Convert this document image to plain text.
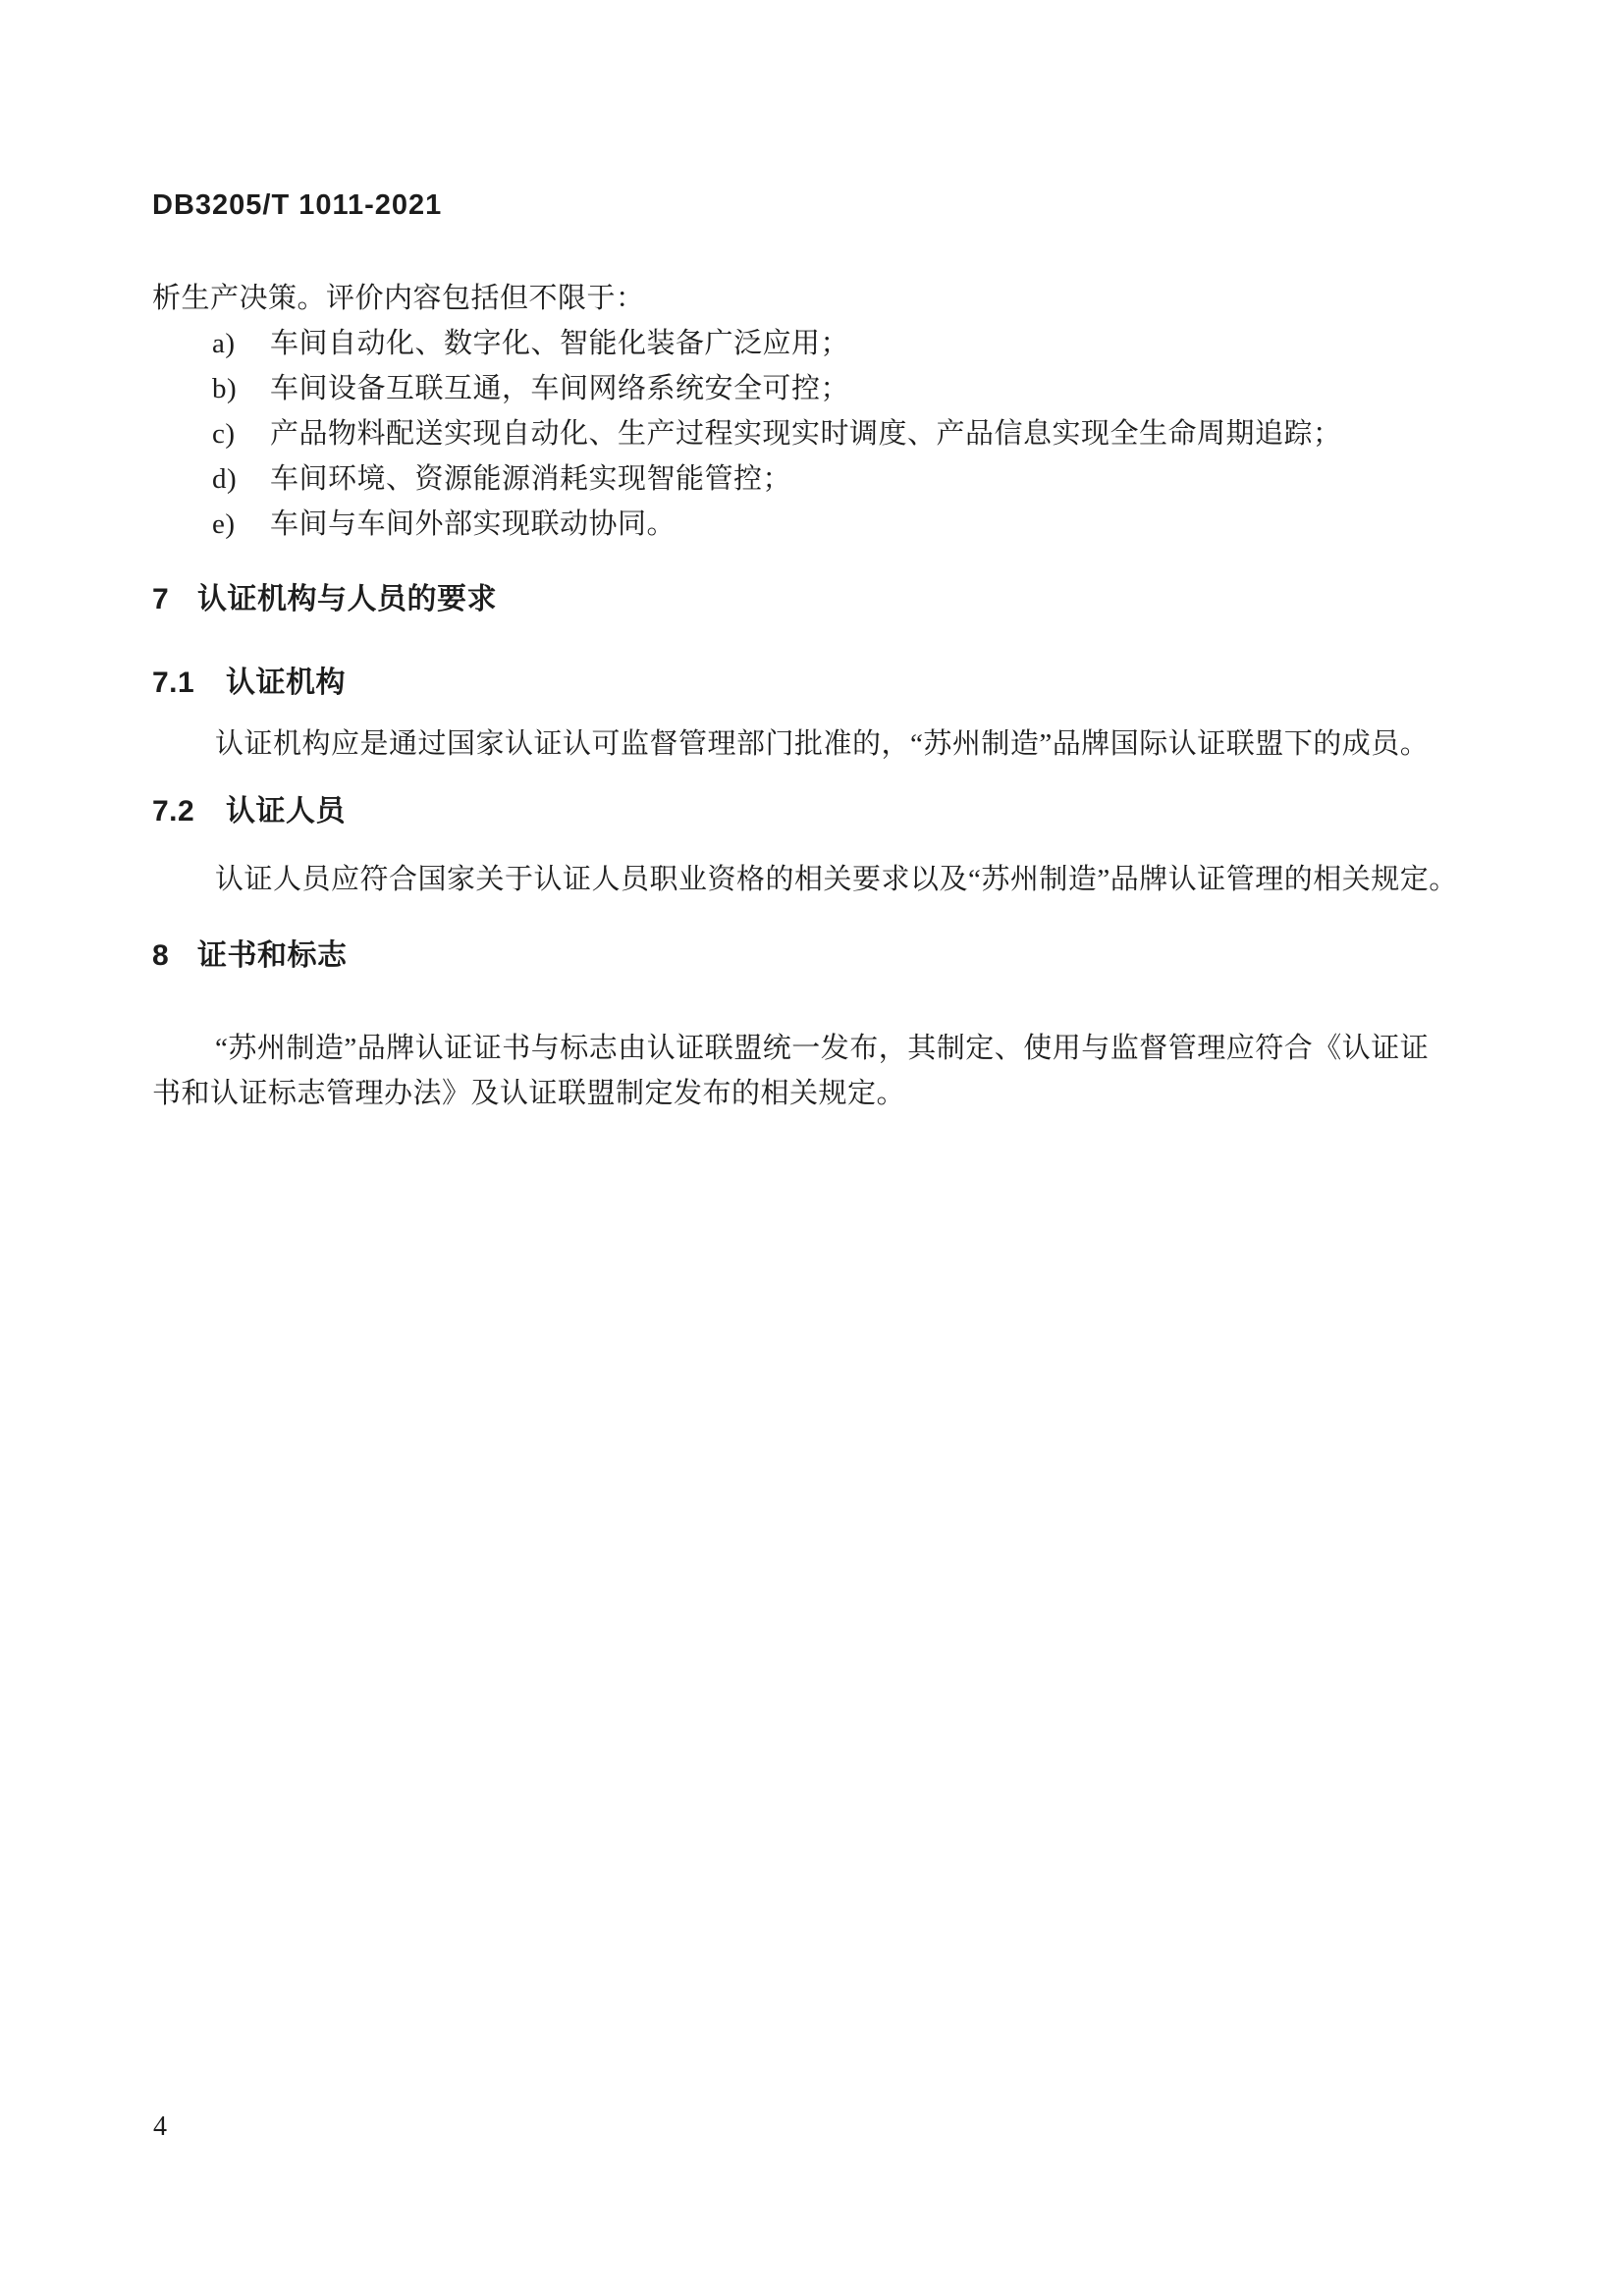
DB3205/T 1011-2021
析生产决策。评价内容包括但不限于：
a) 车间自动化、数字化、智能化装备广泛应用；
b) 车间设备互联互通，车间网络系统安全可控；
c) 产品物料配送实现自动化、生产过程实现实时调度、产品信息实现全生命周期追踪；
d) 车间环境、资源能源消耗实现智能管控；
e) 车间与车间外部实现联动协同。
7 认证机构与人员的要求
7.1 认证机构
认证机构应是通过国家认证认可监督管理部门批准的，“苏州制造”品牌国际认证联盟下的成员。
7.2 认证人员
认证人员应符合国家关于认证人员职业资格的相关要求以及“苏州制造”品牌认证管理的相关规定。
8 证书和标志
“苏州制造”品牌认证证书与标志由认证联盟统一发布，其制定、使用与监督管理应符合《认证证
书和认证标志管理办法》及认证联盟制定发布的相关规定。
4
